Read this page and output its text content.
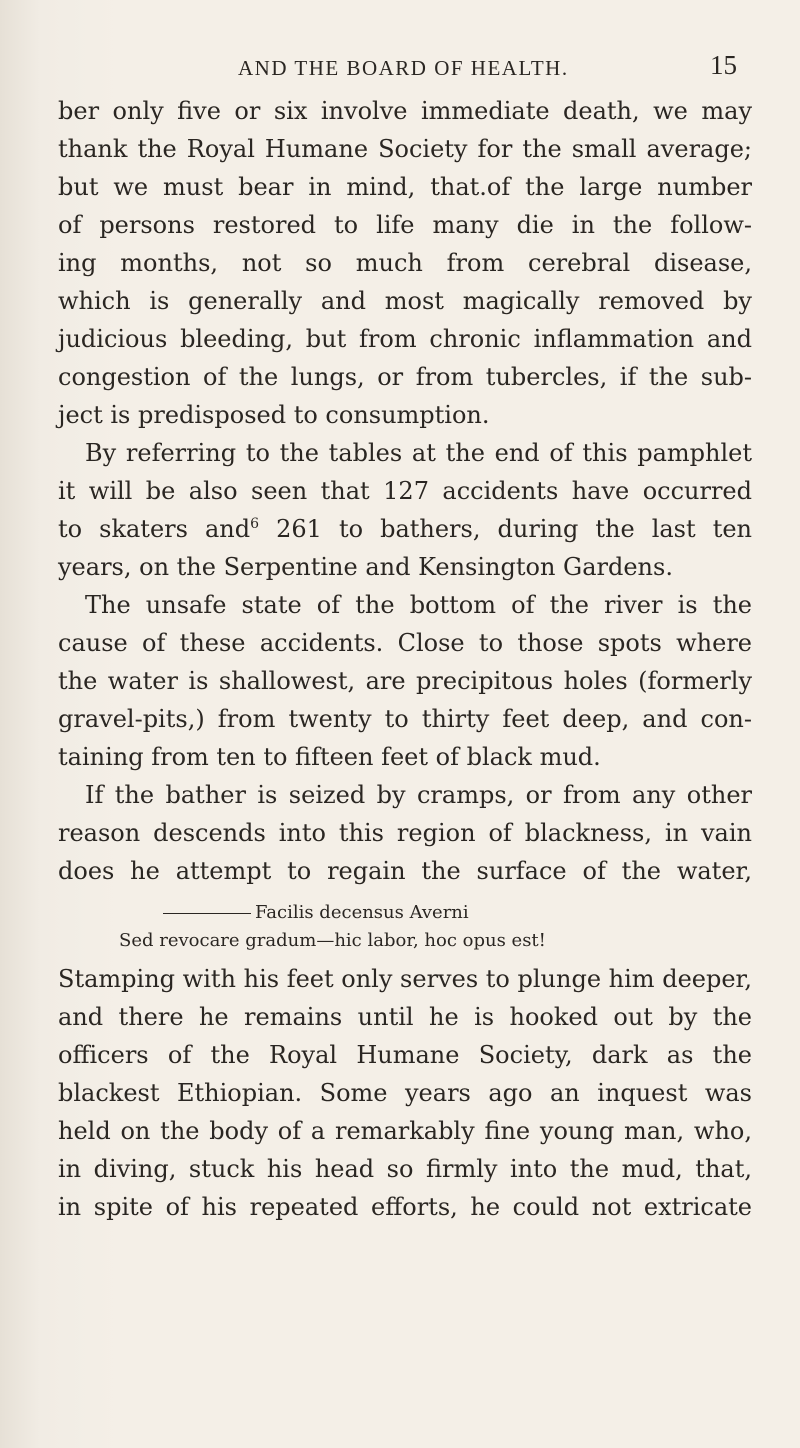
AND THE BOARD OF HEALTH.	15
ber only five or six involve immediate death, we may
thank the Royal Humane Society for the small average;
but we must bear in mind, that.of the large number
of persons restored to life many die in the follow-
ing months, not so much from cerebral disease,
which is generally and most magically removed by
judicious bleeding, but from chronic inflammation and
congestion of the lungs, or from tubercles, if the sub-
ject is predisposed to consumption.
By referring to the tables at the end of this pamphlet
it will be also seen that 127 accidents have occurred
to skaters and$^6$ 261 to bathers, during the last ten
years, on the Serpentine and Kensington Gardens.
The unsafe state of the bottom of the river is the
cause of these accidents. Close to those spots where
the water is shallowest, are precipitous holes (formerly
gravel-pits,) from twenty to thirty feet deep, and con-
taining from ten to fifteen feet of black mud.
If the bather is seized by cramps, or from any other
reason descends into this region of blackness, in vain
does he attempt to regain the surface of the water,
Facilis decensus Averni
Sed revocare gradum—hic labor, hoc opus est!
Stamping with his feet only serves to plunge him deeper,
and there he remains until he is hooked out by the
officers of the Royal Humane Society, dark as the
blackest Ethiopian. Some years ago an inquest was
held on the body of a remarkably fine young man, who,
in diving, stuck his head so firmly into the mud, that,
in spite of his repeated efforts, he could not extricate
